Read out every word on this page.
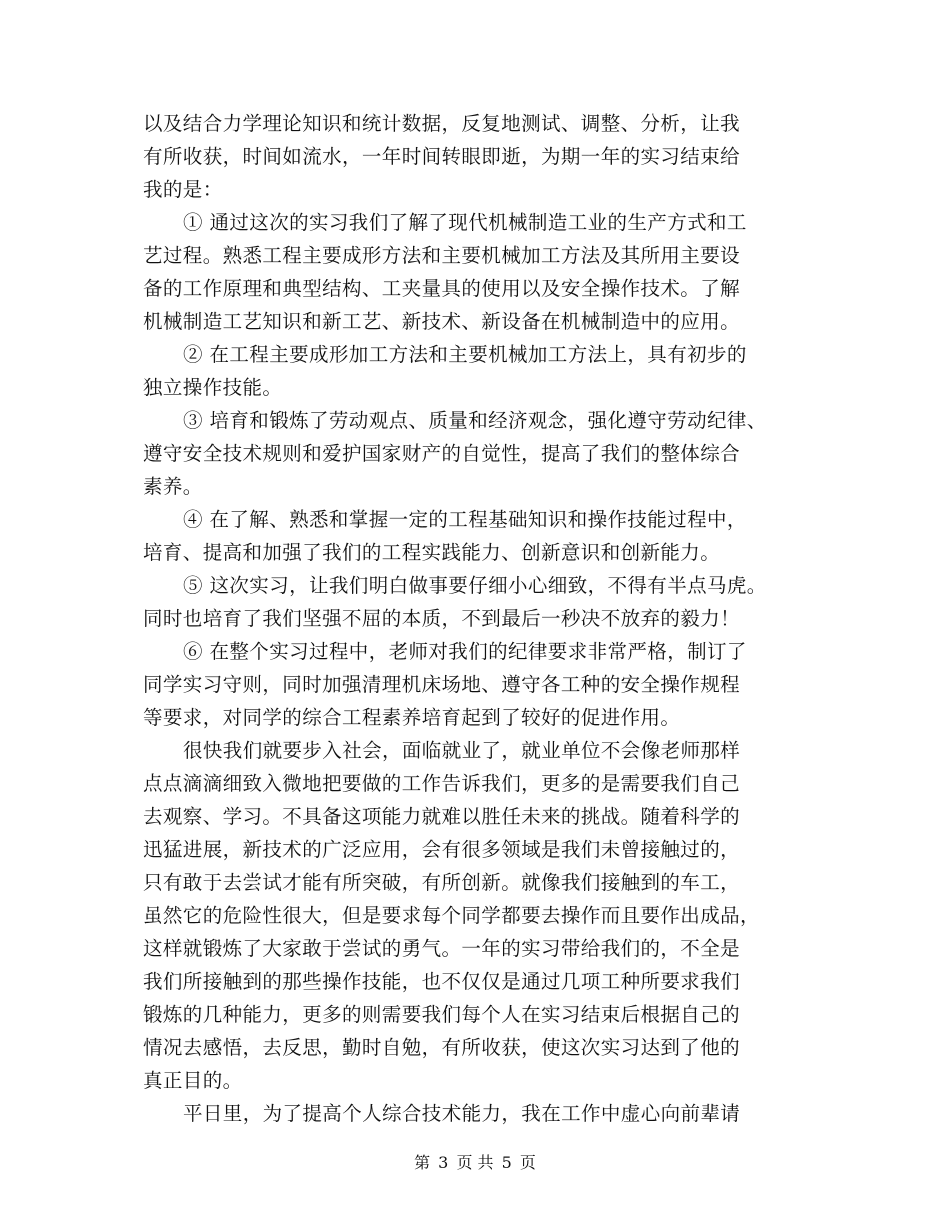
以及结合力学理论知识和统计数据，反复地测试、调整、分析，让我
有所收获，时间如流水，一年时间转眼即逝，为期一年的实习结束给
我的是：
① 通过这次的实习我们了解了现代机械制造工业的生产方式和工
艺过程。熟悉工程主要成形方法和主要机械加工方法及其所用主要设
备的工作原理和典型结构、工夹量具的使用以及安全操作技术。了解
机械制造工艺知识和新工艺、新技术、新设备在机械制造中的应用。
② 在工程主要成形加工方法和主要机械加工方法上，具有初步的
独立操作技能。
③ 培育和锻炼了劳动观点、质量和经济观念，强化遵守劳动纪律、
遵守安全技术规则和爱护国家财产的自觉性，提高了我们的整体综合
素养。
④ 在了解、熟悉和掌握一定的工程基础知识和操作技能过程中，
培育、提高和加强了我们的工程实践能力、创新意识和创新能力。
⑤ 这次实习，让我们明白做事要仔细小心细致，不得有半点马虎。
同时也培育了我们坚强不屈的本质，不到最后一秒决不放弃的毅力！
⑥ 在整个实习过程中，老师对我们的纪律要求非常严格，制订了
同学实习守则，同时加强清理机床场地、遵守各工种的安全操作规程
等要求，对同学的综合工程素养培育起到了较好的促进作用。
很快我们就要步入社会，面临就业了，就业单位不会像老师那样
点点滴滴细致入微地把要做的工作告诉我们，更多的是需要我们自己
去观察、学习。不具备这项能力就难以胜任未来的挑战。随着科学的
迅猛进展，新技术的广泛应用，会有很多领域是我们未曾接触过的，
只有敢于去尝试才能有所突破，有所创新。就像我们接触到的车工，
虽然它的危险性很大，但是要求每个同学都要去操作而且要作出成品，
这样就锻炼了大家敢于尝试的勇气。一年的实习带给我们的，不全是
我们所接触到的那些操作技能，也不仅仅是通过几项工种所要求我们
锻炼的几种能力，更多的则需要我们每个人在实习结束后根据自己的
情况去感悟，去反思，勤时自勉，有所收获，使这次实习达到了他的
真正目的。
平日里，为了提高个人综合技术能力，我在工作中虚心向前辈请
第 3 页 共 5 页
